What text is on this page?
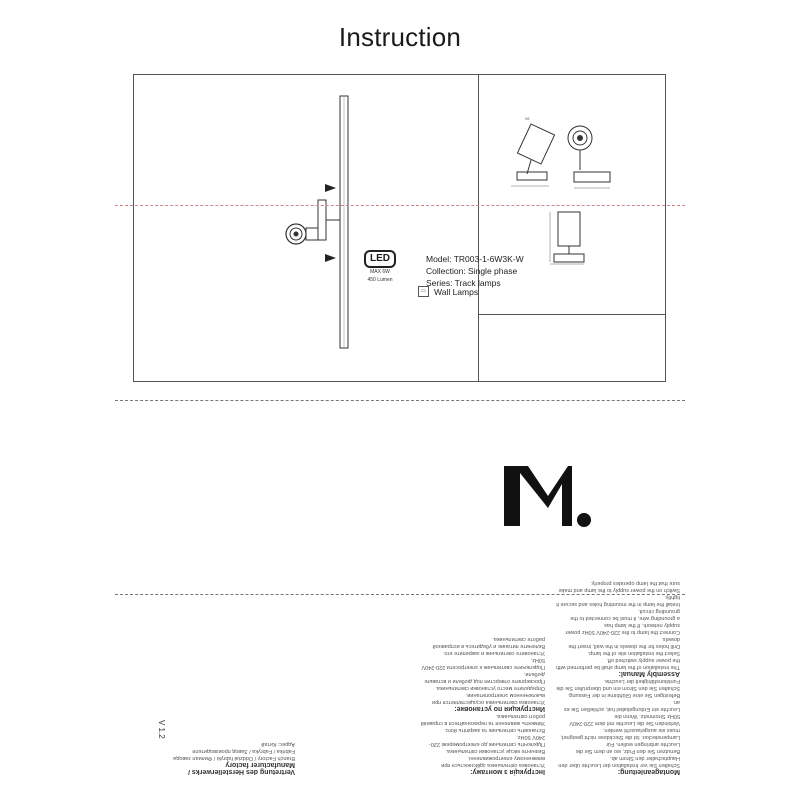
Instruction
98
LED
MAX 6W
450 Lumen
Model: TR003-1-6W3K-W
Collection: Single phase
Series: Track lamps
▭ Wall Lamps
Montageanleitung:
Schalten Sie vor Installation der Leuchte über den Hauptschalter den Strom ab.
Benutzen Sie den Putz, wo an dem Sie die Leuchte anbringen wollen. Für
Lampenstecker. Ist die Steckdose nicht geeignet, muss sie ausgetauscht werden.
Verbinden Sie die Leuchte mit dem 220-240V 50Hz Stromnetz. Wenn die
Leuchte ein Erdungskabel hat, schließen Sie es an.
Befestigen Sie eine Glühbirne in der Fassung.
Schalten Sie den Strom ein und überprüfen Sie die Funktionsfähigkeit der Leuchte.
Assembly Manual:
The installation of the lamp shall be performed with the power supply switched off.
Select the installation site of the lamp.
Drill holes for the dowels in the wall, insert the dowels.
Connect the lamp to the 220-240V 50Hz power supply network. If the lamp has
a grounding wire, it must be connected to the grounding circuit.
Install the lamp in the mounting holes and secure it tightly.
Switch on the power supply to the lamp and make sure that the lamp operates properly.
Інструкція з монтажу:
Установка світильника здійснюється при вимкненому електроживленні.
Визначте місце установки світильника.
Підключіть світильник до електромережі 220-240V 50Hz.
Встановіть світильник та закріпіть його.
Увімкніть живлення та переконайтеся в справній роботі світильника.
Инструкция по установке:
Установка светильника осуществляется при выключенном электропитании.
Определите место установки светильника.
Просверлите отверстия под дюбели и вставьте дюбели.
Подключите светильник к электросети 220-240V 50Hz.
Установите светильник и закрепите его.
Включите питание и убедитесь в исправной работе светильника.
Vertretung des Herstellerwerks / Manufacturer factory
Branch Factory / Oddział fabryki / Филиал завода
Fabrika / Fabryka / Завод производителя
Адрес: Китай
V 1.2
